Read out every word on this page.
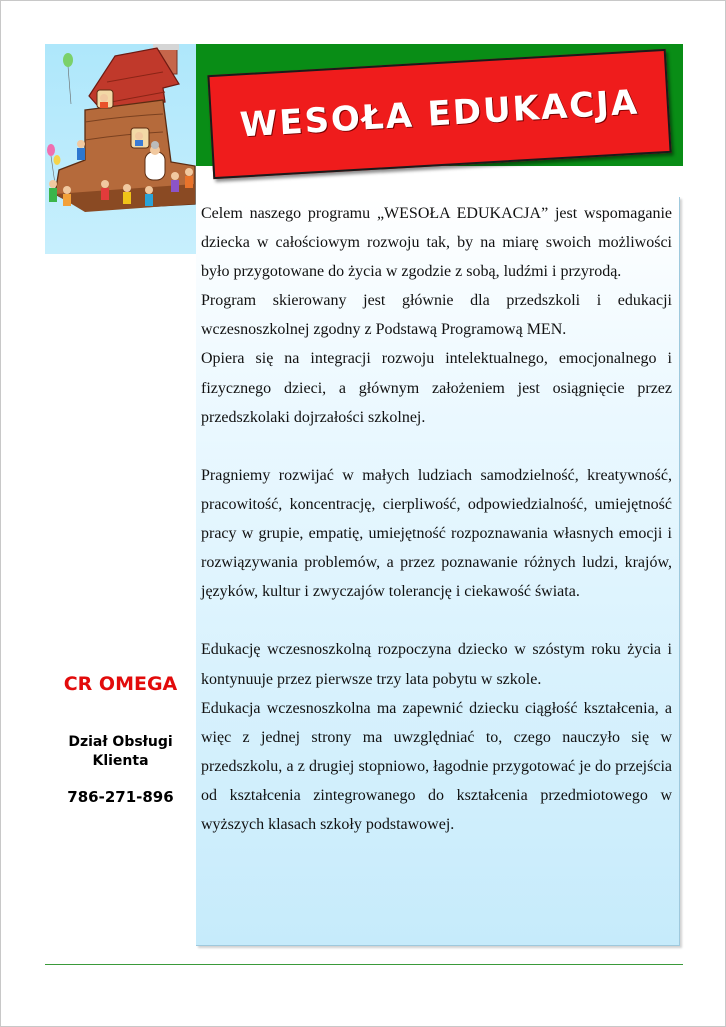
WESOŁA EDUKACJA

Celem naszego programu „WESOŁA EDUKACJA” jest wspomaganie dziecka w całościowym rozwoju tak, by na miarę swoich możliwości było przygotowane do życia w zgodzie z sobą, ludźmi i przyrodą.

Program skierowany jest głównie dla przedszkoli i edukacji wczesnoszkolnej zgodny z Podstawą Programową MEN.

Opiera się na integracji rozwoju intelektualnego, emocjonalnego i fizycznego dzieci, a głównym założeniem jest osiągnięcie przez przedszkolaki dojrzałości szkolnej.

Pragniemy rozwijać w małych ludziach samodzielność, kreatywność, pracowitość, koncentrację, cierpliwość, odpowiedzialność, umiejętność pracy w grupie, empatię, umiejętność rozpoznawania własnych emocji i rozwiązywania problemów, a przez poznawanie różnych ludzi, krajów, języków, kultur i zwyczajów tolerancję i ciekawość świata.

Edukację wczesnoszkolną rozpoczyna dziecko w szóstym roku życia i kontynuuje przez pierwsze trzy lata pobytu w szkole.

Edukacja wczesnoszkolna ma zapewnić dziecku ciągłość kształcenia, a więc z jednej strony ma uwzględniać to, czego nauczyło się w przedszkolu, a z drugiej stopniowo, łagodnie przygotować je do przejścia od kształcenia zintegrowanego do kształcenia przedmiotowego w wyższych klasach szkoły podstawowej.

CR OMEGA
Dział Obsługi Klienta
786-271-896
